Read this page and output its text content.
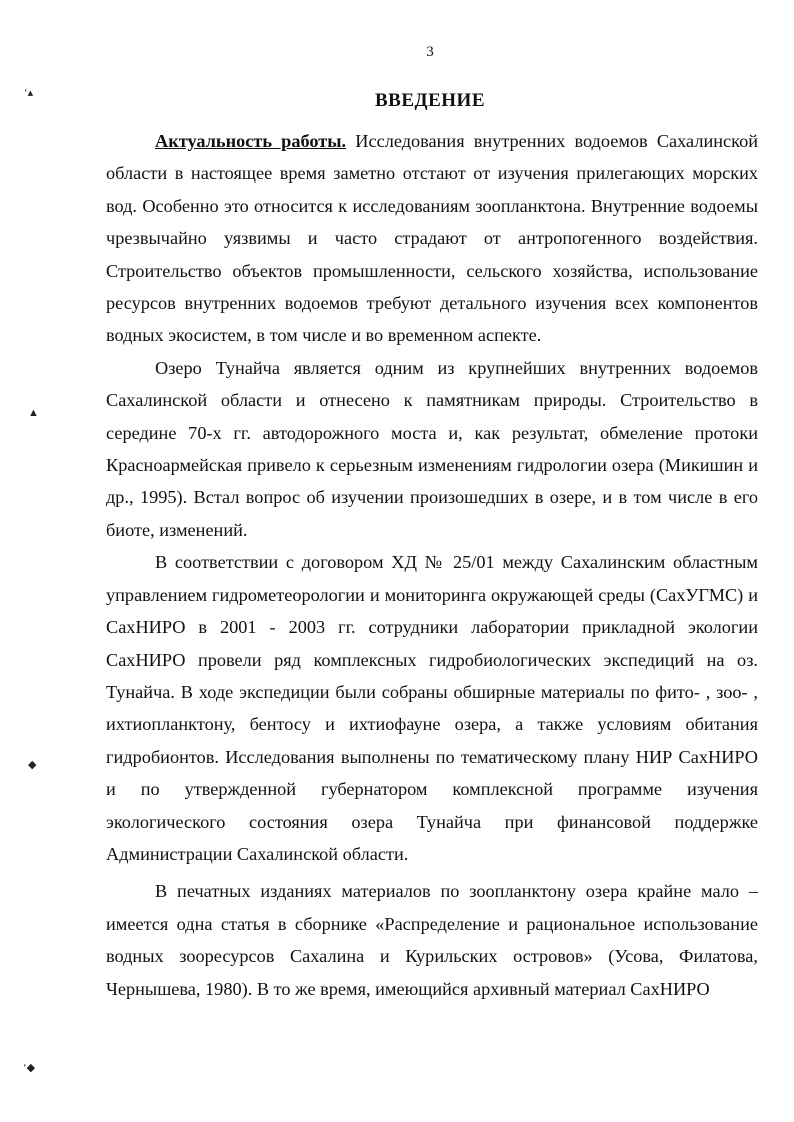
ʻ▴
▲
◆
ʻ◆
3
ВВЕДЕНИЕ

Актуальность работы. Исследования внутренних водоемов Сахалинской области в настоящее время заметно отстают от изучения прилегающих морских вод. Особенно это относится к исследованиям зоопланктона. Внутренние водоемы чрезвычайно уязвимы и часто страдают от антропогенного воздействия. Строительство объектов промышленности, сельского хозяйства, использование ресурсов внутренних водоемов требуют детального изучения всех компонентов водных экосистем, в том числе и во временном аспекте.

Озеро Тунайча является одним из крупнейших внутренних водоемов Сахалинской области и отнесено к памятникам природы. Строительство в середине 70-х гг. автодорожного моста и, как результат, обмеление протоки Красноармейская привело к серьезным изменениям гидрологии озера (Микишин и др., 1995). Встал вопрос об изучении произошедших в озере, и в том числе в его биоте, изменений.

В соответствии с договором ХД № 25/01 между Сахалинским областным управлением гидрометеорологии и мониторинга окружающей среды (СахУГМС) и СахНИРО в 2001 - 2003 гг. сотрудники лаборатории прикладной экологии СахНИРО провели ряд комплексных гидробиологических экспедиций на оз. Тунайча. В ходе экспедиции были собраны обширные материалы по фито- , зоо- , ихтиопланктону, бентосу и ихтиофауне озера, а также условиям обитания гидробионтов. Исследования выполнены по тематическому плану НИР СахНИРО и по утвержденной губернатором комплексной программе изучения экологического состояния озера Тунайча при финансовой поддержке Администрации Сахалинской области.

В печатных изданиях материалов по зоопланктону озера крайне мало – имеется одна статья в сборнике «Распределение и рациональное использование водных зооресурсов Сахалина и Курильских островов» (Усова, Филатова, Чернышева, 1980). В то же время, имеющийся архивный материал СахНИРО
